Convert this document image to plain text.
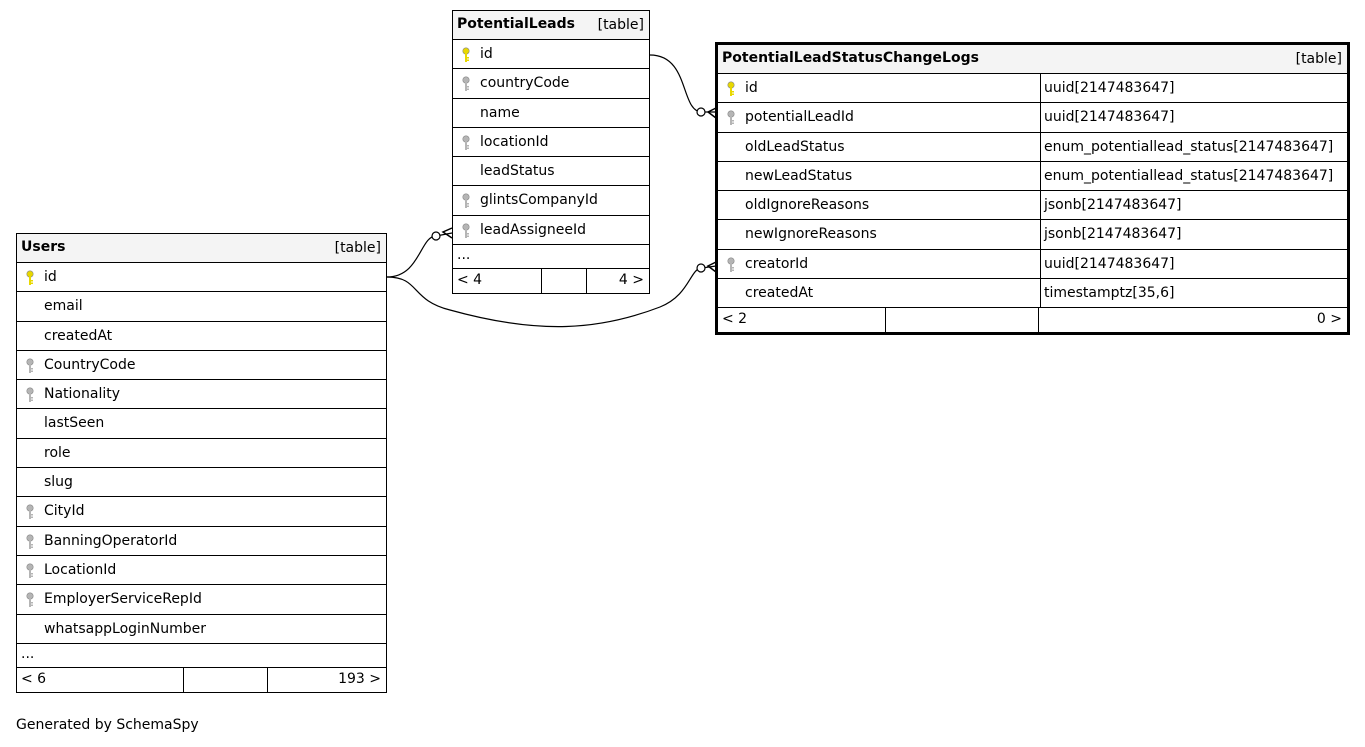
PotentialLeads [table]
id
countryCode
name
locationId
leadStatus
glintsCompanyId
leadAssigneeId
...
< 4	4 >
Users	[table]
id
email
createdAt
CountryCode
Nationality
lastSeen
role
slug
CityId
BanningOperatorId
LocationId
EmployerServiceRepId
whatsappLoginNumber
...
< 6	193 >
PotentialLeadStatusChangeLogs	[table]
id	uuid[2147483647]
potentialLeadId	uuid[2147483647]
oldLeadStatus	enum_potentiallead_status[2147483647]
newLeadStatus	enum_potentiallead_status[2147483647]
oldIgnoreReasons	jsonb[2147483647]
newIgnoreReasons	jsonb[2147483647]
creatorId	uuid[2147483647]
createdAt	timestamptz[35,6]
< 2	0 >
Generated by SchemaSpy
